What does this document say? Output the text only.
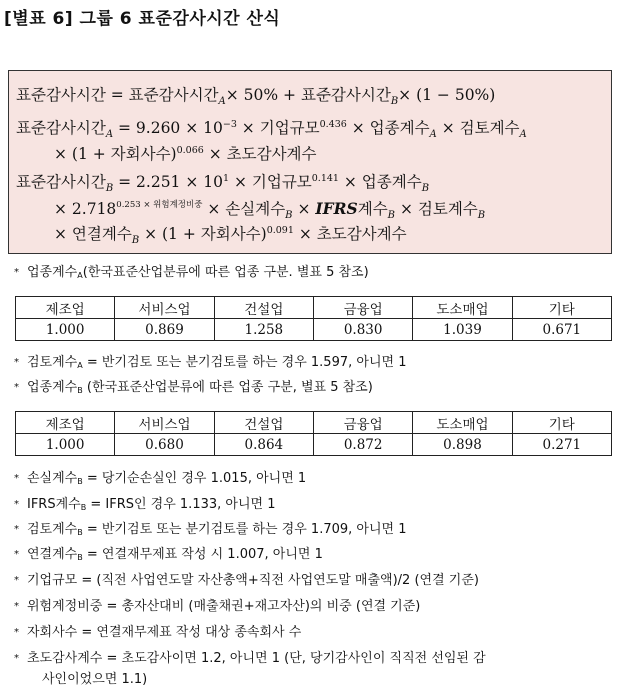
[별표 6] 그룹 6 표준감사시간 산식
표준감사시간 = 표준감사시간$_A$× 50% + 표준감사시간$_B$× (1 − 50%)
표준감사시간$_A = 9.260 \times 10^{-3}$ × 기업규모$^{0.436}$ × 업종계수$_A$ × 검토계수$_A$
× (1 + 자회사수)$^{0.066}$ × 초도감사계수
표준감사시간$_B = 2.251 \times 10^1$ × 기업규모$^{0.141}$ × 업종계수$_B$
× $2.718^{0.253 \times 위험계정비중}$ × 손실계수$_B$ × IFRS계수$_B$ × 검토계수$_B$
× 연결계수$_B$ × (1 + 자회사수)$^{0.091}$ × 초도감사계수
* 업종계수$_A$(한국표준산업분류에 따른 업종 구분. 별표 5 참조)
제조업	서비스업	건설업	금융업	도소매업	기타
1.000	0.869	1.258	0.830	1.039	0.671
* 검토계수$_A$ = 반기검토 또는 분기검토를 하는 경우 1.597, 아니면 1
* 업종계수$_B$ (한국표준산업분류에 따른 업종 구분, 별표 5 참조)
제조업	서비스업	건설업	금융업	도소매업	기타
1.000	0.680	0.864	0.872	0.898	0.271
* 손실계수$_B$ = 당기순손실인 경우 1.015, 아니면 1
* IFRS계수$_B$ = IFRS인 경우 1.133, 아니면 1
* 검토계수$_B$ = 반기검토 또는 분기검토를 하는 경우 1.709, 아니면 1
* 연결계수$_B$ = 연결재무제표 작성 시 1.007, 아니면 1
* 기업규모 = (직전 사업연도말 자산총액+직전 사업연도말 매출액)/2 (연결 기준)
* 위험계정비중 = 총자산대비 (매출채권+재고자산)의 비중 (연결 기준)
* 자회사수 = 연결재무제표 작성 대상 종속회사 수
* 초도감사계수 = 초도감사이면 1.2, 아니면 1 (단, 당기감사인이 직직전 선임된 감
사인이었으면 1.1)
